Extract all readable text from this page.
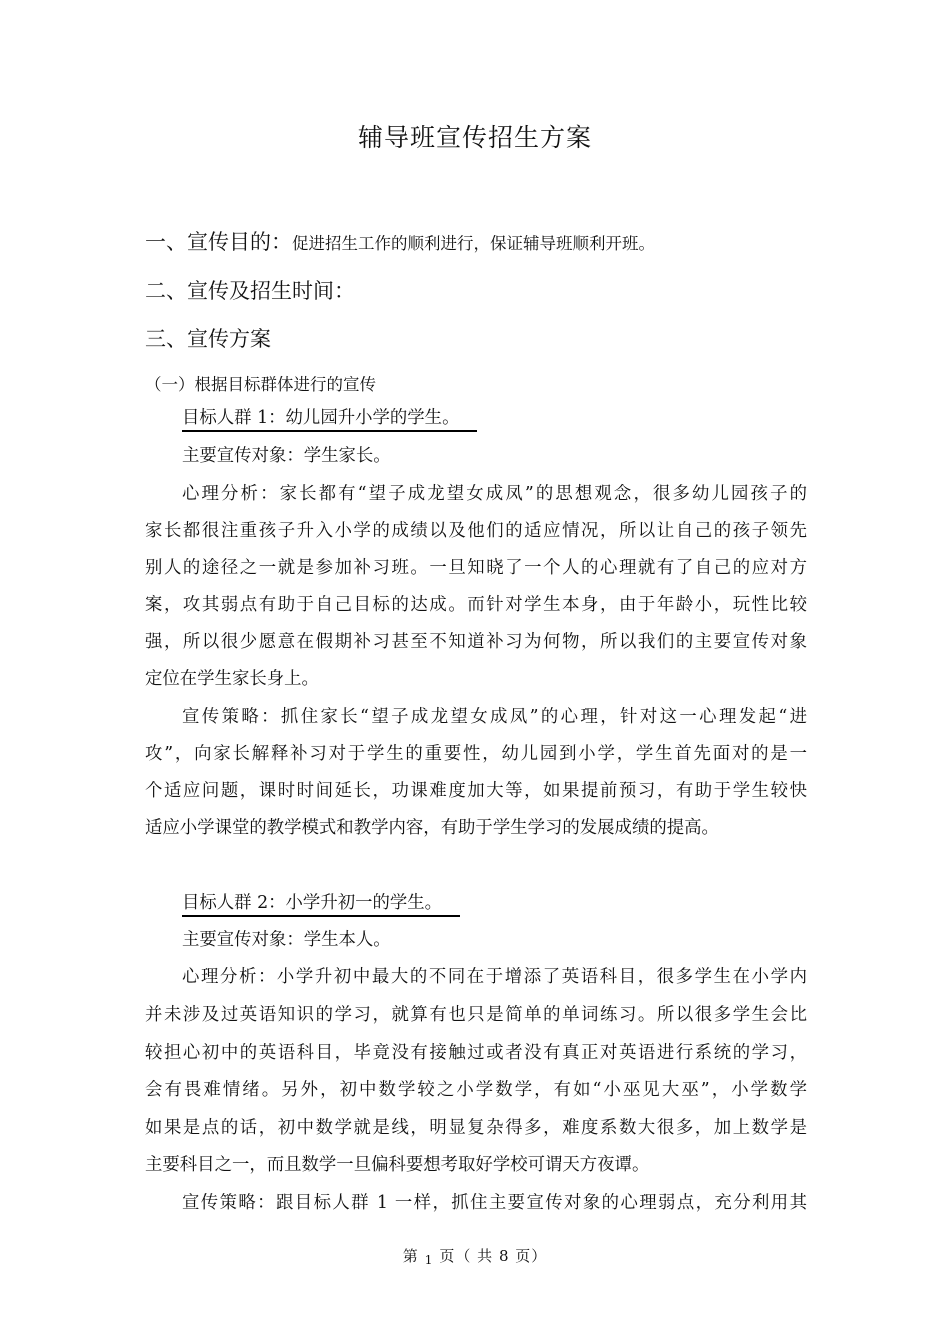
辅导班宣传招生方案
一、宣传目的：促进招生工作的顺利进行，保证辅导班顺利开班。
二、宣传及招生时间：
三、宣传方案
（一）根据目标群体进行的宣传
目标人群 1：幼儿园升小学的学生。
主要宣传对象：学生家长。
心理分析：家长都有“望子成龙望女成凤”的思想观念，很多幼儿园孩子的
家长都很注重孩子升入小学的成绩以及他们的适应情况，所以让自己的孩子领先
别人的途径之一就是参加补习班。一旦知晓了一个人的心理就有了自己的应对方
案，攻其弱点有助于自己目标的达成。而针对学生本身，由于年龄小，玩性比较
强，所以很少愿意在假期补习甚至不知道补习为何物，所以我们的主要宣传对象
定位在学生家长身上。
宣传策略：抓住家长“望子成龙望女成凤”的心理，针对这一心理发起“进
攻”，向家长解释补习对于学生的重要性，幼儿园到小学，学生首先面对的是一
个适应问题，课时时间延长，功课难度加大等，如果提前预习，有助于学生较快
适应小学课堂的教学模式和教学内容，有助于学生学习的发展成绩的提高。
目标人群 2：小学升初一的学生。
主要宣传对象：学生本人。
心理分析：小学升初中最大的不同在于增添了英语科目，很多学生在小学内
并未涉及过英语知识的学习，就算有也只是简单的单词练习。所以很多学生会比
较担心初中的英语科目，毕竟没有接触过或者没有真正对英语进行系统的学习，
会有畏难情绪。另外，初中数学较之小学数学，有如“小巫见大巫”，小学数学
如果是点的话，初中数学就是线，明显复杂得多，难度系数大很多，加上数学是
主要科目之一，而且数学一旦偏科要想考取好学校可谓天方夜谭。
宣传策略：跟目标人群 1 一样，抓住主要宣传对象的心理弱点，充分利用其
第 $_1$ 页（ 共 8 页）
